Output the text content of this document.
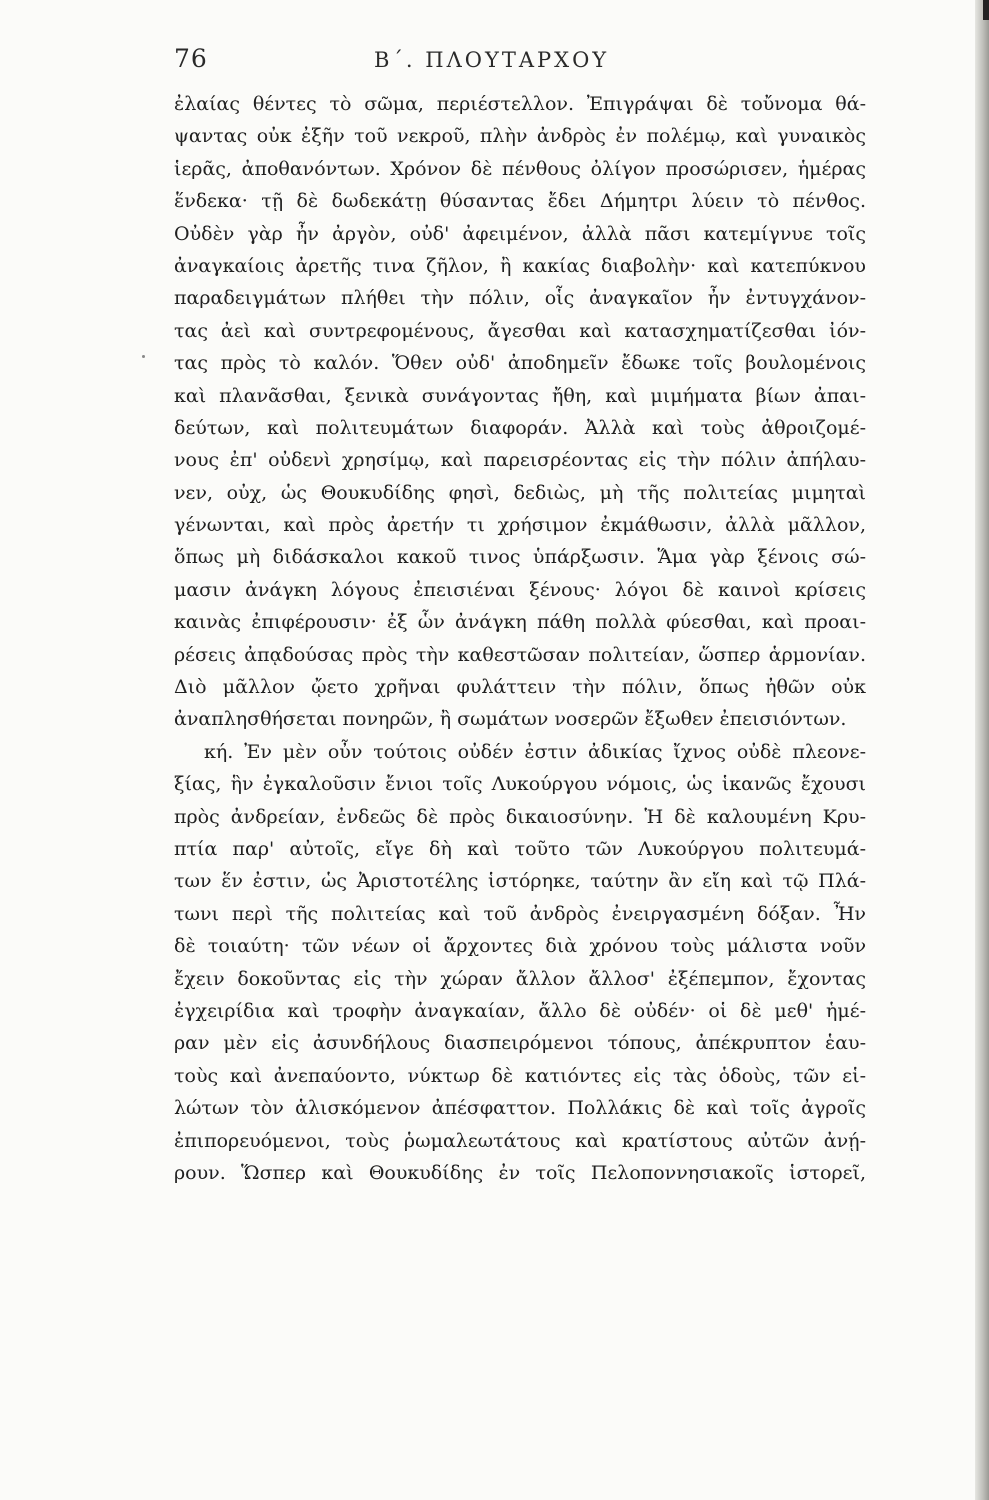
76	Β΄. ΠΛΟΥΤΑΡΧΟΥ
ἐλαίας θέντες τὸ σῶμα, περιέστελλον. Ἐπιγράψαι δὲ τοὔνομα θά-
ψαντας οὐκ ἐξῆν τοῦ νεκροῦ, πλὴν ἀνδρὸς ἐν πολέμῳ, καὶ γυναικὸς
ἱερᾶς, ἀποθανόντων. Χρόνον δὲ πένθους ὀλίγον προσώρισεν, ἡμέρας
ἕνδεκα· τῇ δὲ δωδεκάτῃ θύσαντας ἔδει Δήμητρι λύειν τὸ πένθος.
Οὐδὲν γὰρ ἦν ἀργὸν, οὐδ' ἀφειμένον, ἀλλὰ πᾶσι κατεμίγνυε τοῖς
ἀναγκαίοις ἀρετῆς τινα ζῆλον, ἢ κακίας διαβολὴν· καὶ κατεπύκνου
παραδειγμάτων πλήθει τὴν πόλιν, οἷς ἀναγκαῖον ἦν ἐντυγχάνον-
τας ἀεὶ καὶ συντρεφομένους, ἄγεσθαι καὶ κατασχηματίζεσθαι ἰόν-
τας πρὸς τὸ καλόν. Ὅθεν οὐδ' ἀποδημεῖν ἔδωκε τοῖς βουλομένοις
καὶ πλανᾶσθαι, ξενικὰ συνάγοντας ἤθη, καὶ μιμήματα βίων ἀπαι-
δεύτων, καὶ πολιτευμάτων διαφοράν. Ἀλλὰ καὶ τοὺς ἀθροιζομέ-
νους ἐπ' οὐδενὶ χρησίμῳ, καὶ παρεισρέοντας εἰς τὴν πόλιν ἀπήλαυ-
νεν, οὐχ, ὡς Θουκυδίδης φησὶ, δεδιὼς, μὴ τῆς πολιτείας μιμηταὶ
γένωνται, καὶ πρὸς ἀρετήν τι χρήσιμον ἐκμάθωσιν, ἀλλὰ μᾶλλον,
ὅπως μὴ διδάσκαλοι κακοῦ τινος ὑπάρξωσιν. Ἅμα γὰρ ξένοις σώ-
μασιν ἀνάγκη λόγους ἐπεισιέναι ξένους· λόγοι δὲ καινοὶ κρίσεις
καινὰς ἐπιφέρουσιν· ἐξ ὧν ἀνάγκη πάθη πολλὰ φύεσθαι, καὶ προαι-
ρέσεις ἀπᾳδούσας πρὸς τὴν καθεστῶσαν πολιτείαν, ὥσπερ ἁρμονίαν.
Διὸ μᾶλλον ᾤετο χρῆναι φυλάττειν τὴν πόλιν, ὅπως ἠθῶν οὐκ
ἀναπλησθήσεται πονηρῶν, ἢ σωμάτων νοσερῶν ἔξωθεν ἐπεισιόντων.
κή. Ἐν μὲν οὖν τούτοις οὐδέν ἐστιν ἀδικίας ἴχνος οὐδὲ πλεονε-
ξίας, ἣν ἐγκαλοῦσιν ἔνιοι τοῖς Λυκούργου νόμοις, ὡς ἱκανῶς ἔχουσι
πρὸς ἀνδρείαν, ἐνδεῶς δὲ πρὸς δικαιοσύνην. Ἡ δὲ καλουμένη Κρυ-
πτία παρ' αὐτοῖς, εἴγε δὴ καὶ τοῦτο τῶν Λυκούργου πολιτευμά-
των ἕν ἐστιν, ὡς Ἀριστοτέλης ἱστόρηκε, ταύτην ἂν εἴη καὶ τῷ Πλά-
τωνι περὶ τῆς πολιτείας καὶ τοῦ ἀνδρὸς ἐνειργασμένη δόξαν. Ἦν
δὲ τοιαύτη· τῶν νέων οἱ ἄρχοντες διὰ χρόνου τοὺς μάλιστα νοῦν
ἔχειν δοκοῦντας εἰς τὴν χώραν ἄλλον ἄλλοσ' ἐξέπεμπον, ἔχοντας
ἐγχειρίδια καὶ τροφὴν ἀναγκαίαν, ἄλλο δὲ οὐδέν· οἱ δὲ μεθ' ἡμέ-
ραν μὲν εἰς ἀσυνδήλους διασπειρόμενοι τόπους, ἀπέκρυπτον ἑαυ-
τοὺς καὶ ἀνεπαύοντο, νύκτωρ δὲ κατιόντες εἰς τὰς ὁδοὺς, τῶν εἱ-
λώτων τὸν ἁλισκόμενον ἀπέσφαττον. Πολλάκις δὲ καὶ τοῖς ἀγροῖς
ἐπιπορευόμενοι, τοὺς ῥωμαλεωτάτους καὶ κρατίστους αὐτῶν ἀνῄ-
ρουν. Ὥσπερ καὶ Θουκυδίδης ἐν τοῖς Πελοποννησιακοῖς ἱστορεῖ,
